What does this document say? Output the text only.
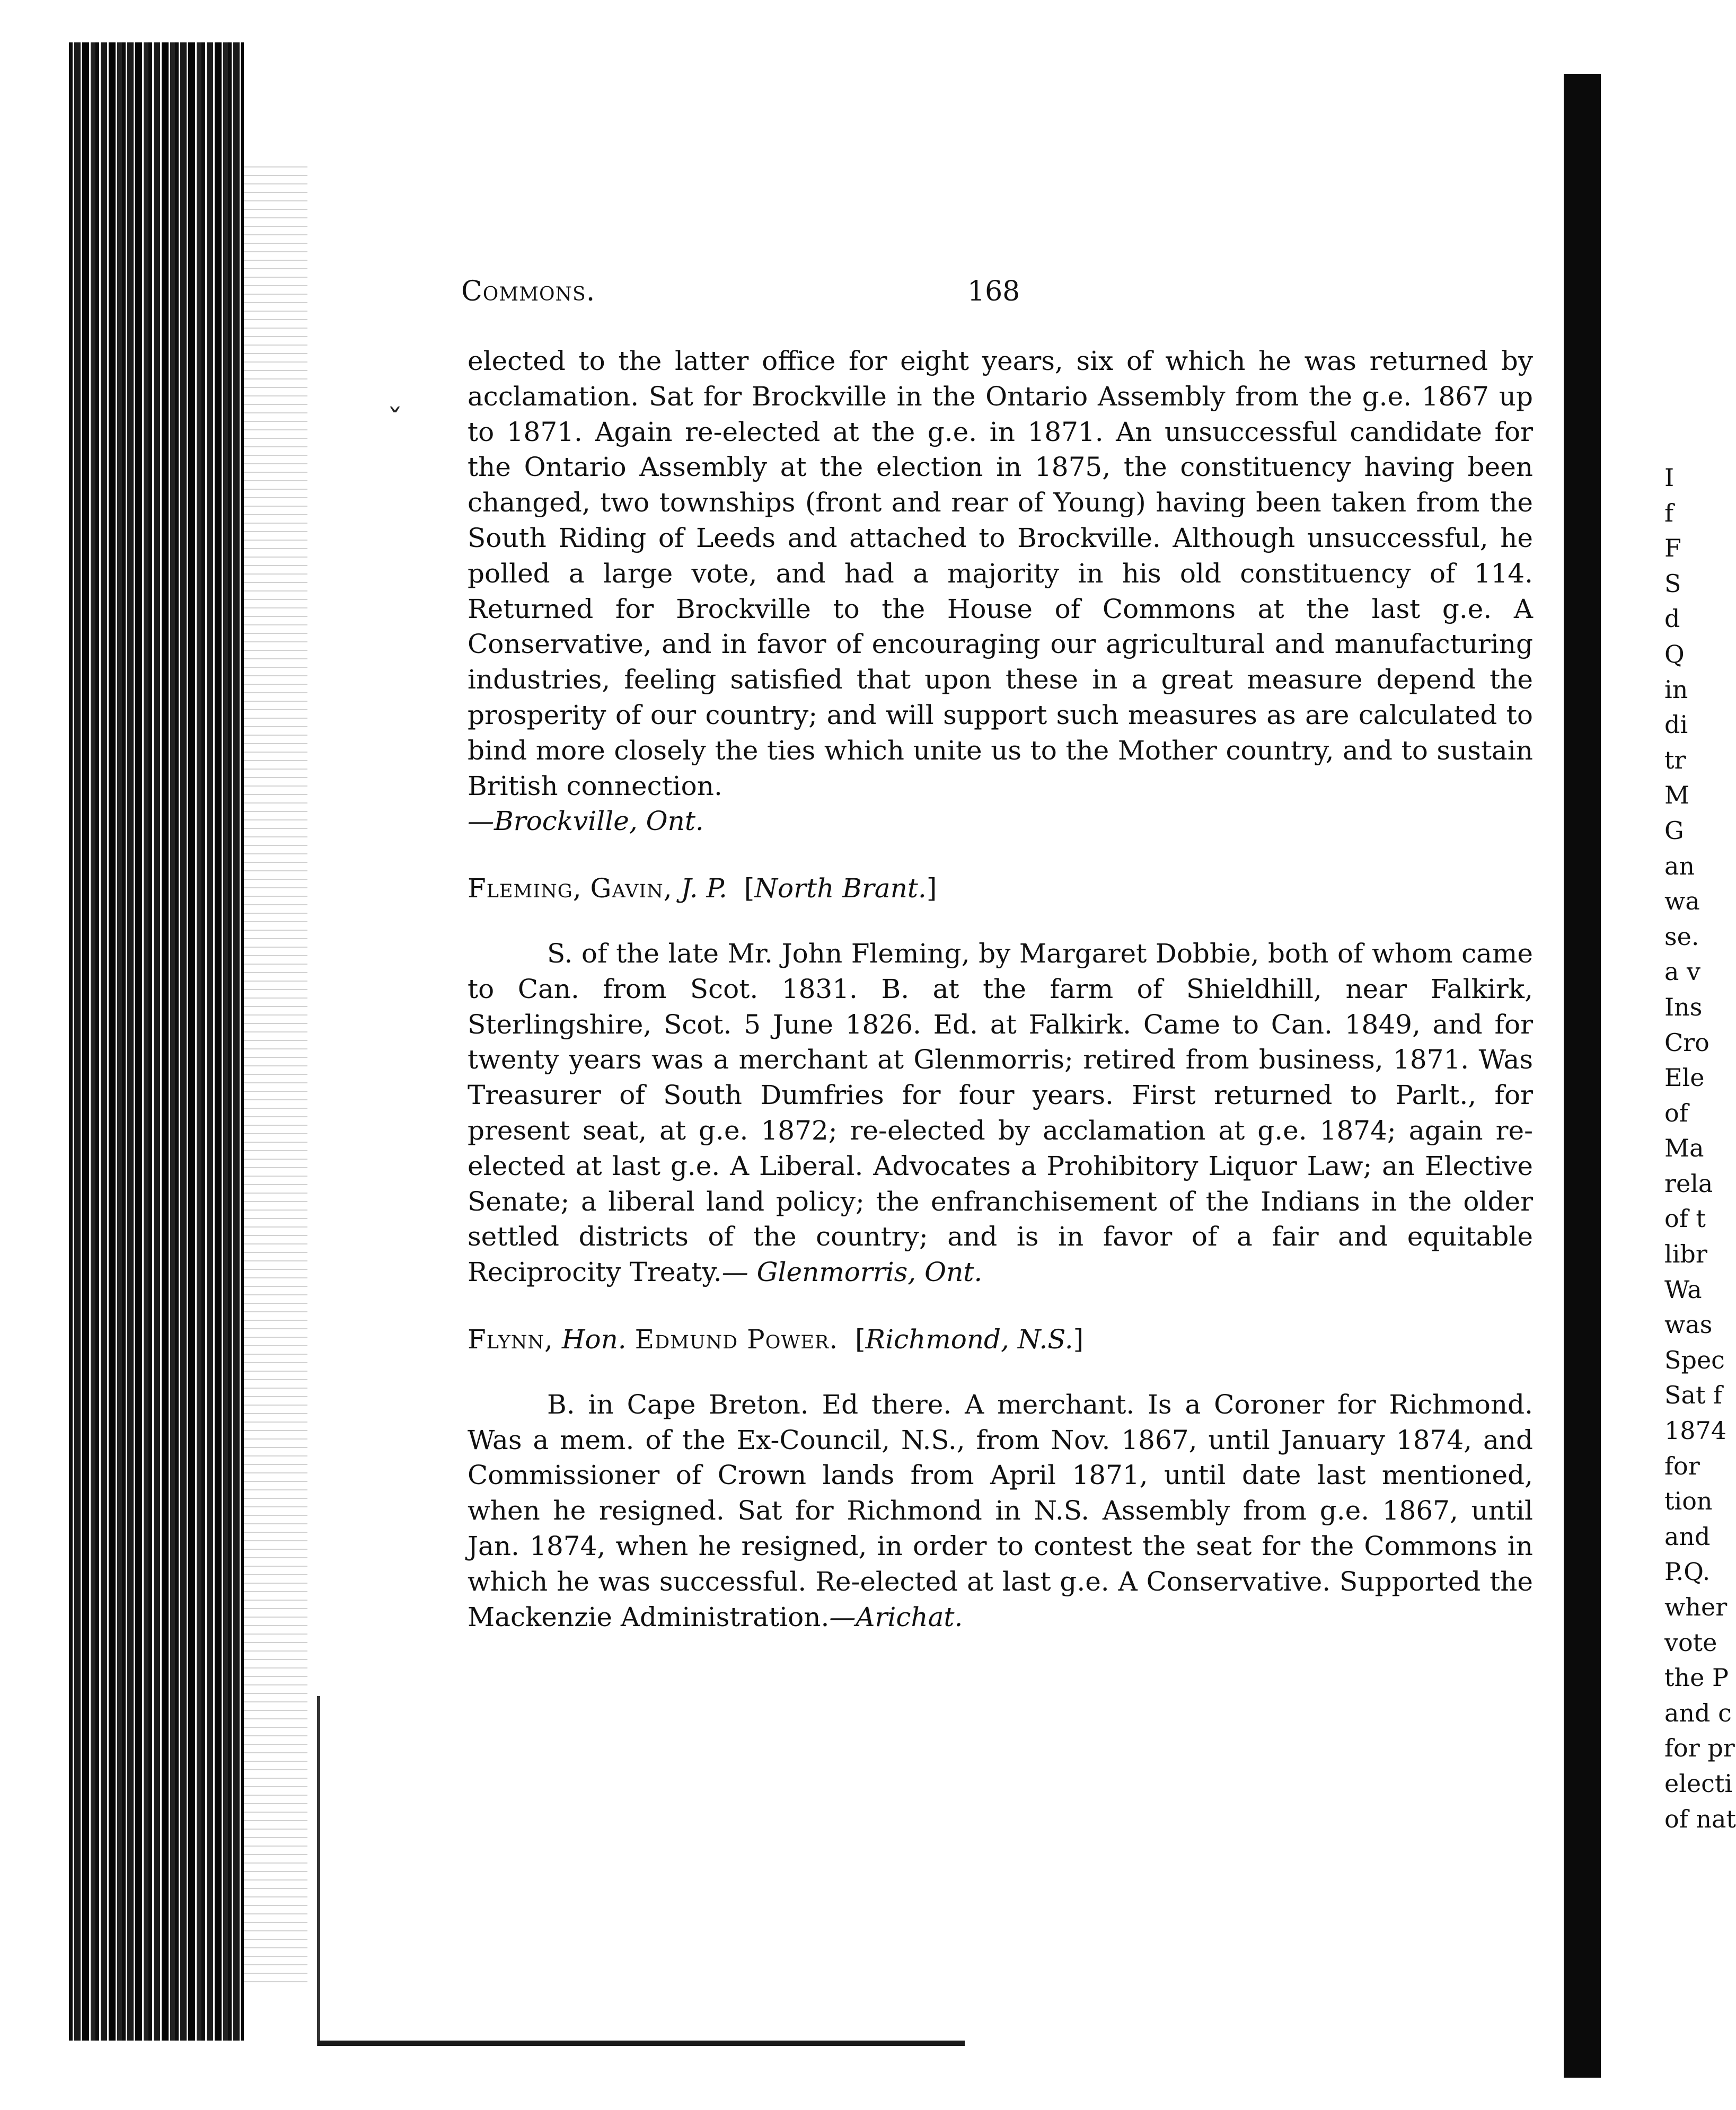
I
f
F
S
d
Q
in
di
tr
M
G
an
wa
se.
a v
Ins
Cro
Ele
of
Ma
rela
of t
libr
Wa
was
Spec
Sat f
1874
for
tion
and
P.Q.
wher
vote
the P
and c
for pr
electi
of nat
Commons.	168
ˇ

elected to the latter office for eight years, six of which he was returned by acclamation. Sat for Brockville in the Ontario Assembly from the g.e. 1867 up to 1871. Again re-elected at the g.e. in 1871. An unsuccessful candidate for the Ontario Assembly at the election in 1875, the constituency having been changed, two townships (front and rear of Young) having been taken from the South Riding of Leeds and attached to Brockville. Although unsuccessful, he polled a large vote, and had a majority in his old constituency of 114. Returned for Brockville to the House of Commons at the last g.e. A Conservative, and in favor of encouraging our agricultural and manufacturing industries, feeling satisfied that upon these in a great measure depend the prosperity of our country; and will support such measures as are calculated to bind more closely the ties which unite us to the Mother country, and to sustain British connection.
—Brockville, Ont.

Fleming, Gavin, J. P. [North Brant.]

S. of the late Mr. John Fleming, by Margaret Dobbie, both of whom came to Can. from Scot. 1831. B. at the farm of Shieldhill, near Falkirk, Sterlingshire, Scot. 5 June 1826. Ed. at Falkirk. Came to Can. 1849, and for twenty years was a merchant at Glenmorris; retired from business, 1871. Was Treasurer of South Dumfries for four years. First returned to Parlt., for present seat, at g.e. 1872; re-elected by acclamation at g.e. 1874; again re-elected at last g.e. A Liberal. Advocates a Prohibitory Liquor Law; an Elective Senate; a liberal land policy; the enfranchisement of the Indians in the older settled districts of the country; and is in favor of a fair and equitable Reciprocity Treaty.— Glenmorris, Ont.

Flynn, Hon. Edmund Power. [Richmond, N.S.]

B. in Cape Breton. Ed there. A merchant. Is a Coroner for Richmond. Was a mem. of the Ex-Council, N.S., from Nov. 1867, until January 1874, and Commissioner of Crown lands from April 1871, until date last mentioned, when he resigned. Sat for Richmond in N.S. Assembly from g.e. 1867, until Jan. 1874, when he resigned, in order to contest the seat for the Commons in which he was successful. Re-elected at last g.e. A Conservative. Supported the Mackenzie Administration.—Arichat.
